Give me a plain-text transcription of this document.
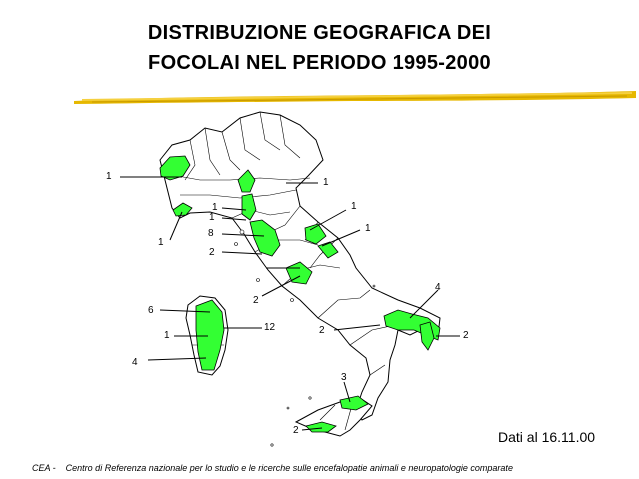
DISTRIBUZIONE GEOGRAFICA DEI
FOCOLAI NEL PERIODO 1995-2000
1
1
1
1
8
1
1
2
1
2
6
12
1
4
4
2	2
3
2	Dati al 16.11.00
CEA - Centro di Referenza nazionale per lo studio e le ricerche sulle encefalopatie animali e neuropatologie comparate
